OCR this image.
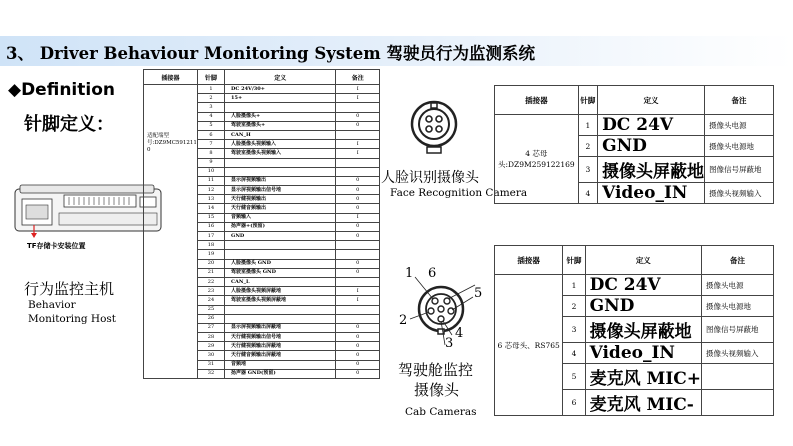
3、 Driver Behaviour Monitoring System 驾驶员行为监测系统
◆Definition
针脚定义：
TF存储卡安装位置
行为监控主机
Behavior
Monitoring Host
插接器	针脚	定义	备注

适配端型号:DZ9MC591211 0	1	DC 24V/30+	I
	2	15+	I
	3		
	4	人脸摄像头+	0
	5	驾驶室摄像头+	0
	6	CAN_H	
	7	人脸摄像头视频输入	I
	8	驾驶室摄像头视频输入	I
	9		
	10		
	11	显示屏视频输出	0
	12	显示屏视频输出信号地	0
	13	天行健视频输出	0
	14	天行健音频输出	0
	15	音频输入	I
	16	扬声器+(预留)	0
	17	GND	0
	18		
	19		
	20	人脸摄像头 GND	0
	21	驾驶室摄像头 GND	0
	22	CAN_L	
	23	人脸摄像头视频屏蔽地	I
	24	驾驶室摄像头视频屏蔽地	I
	25		
	26		
	27	显示屏视频输出屏蔽地	0
	28	天行健视频输出信号地	0
	29	天行健视频输出屏蔽地	0
	30	天行健音频输出屏蔽地	0
	31	音频地	0
	32	扬声器 GND(预留)	0
人脸识别摄像头
Face Recognition Camera
插接器	针脚	定义	备注
4 芯母头:DZ9M259122169	1	DC 24V	摄像头电源
	2	GND	摄像头电源地
	3	摄像头屏蔽地	图像信号屏蔽地
	4	Video_IN	摄像头视频输入
1
2
3
4
5
6
驾驶舱监控
摄像头
Cab Cameras
插接器	针脚	定义	备注
6 芯母头、RS765	1	DC 24V	摄像头电源
	2	GND	摄像头电源地
	3	摄像头屏蔽地	图像信号屏蔽地
	4	Video_IN	摄像头视频输入
	5	麦克风 MIC+	
	6	麦克风 MIC-	
